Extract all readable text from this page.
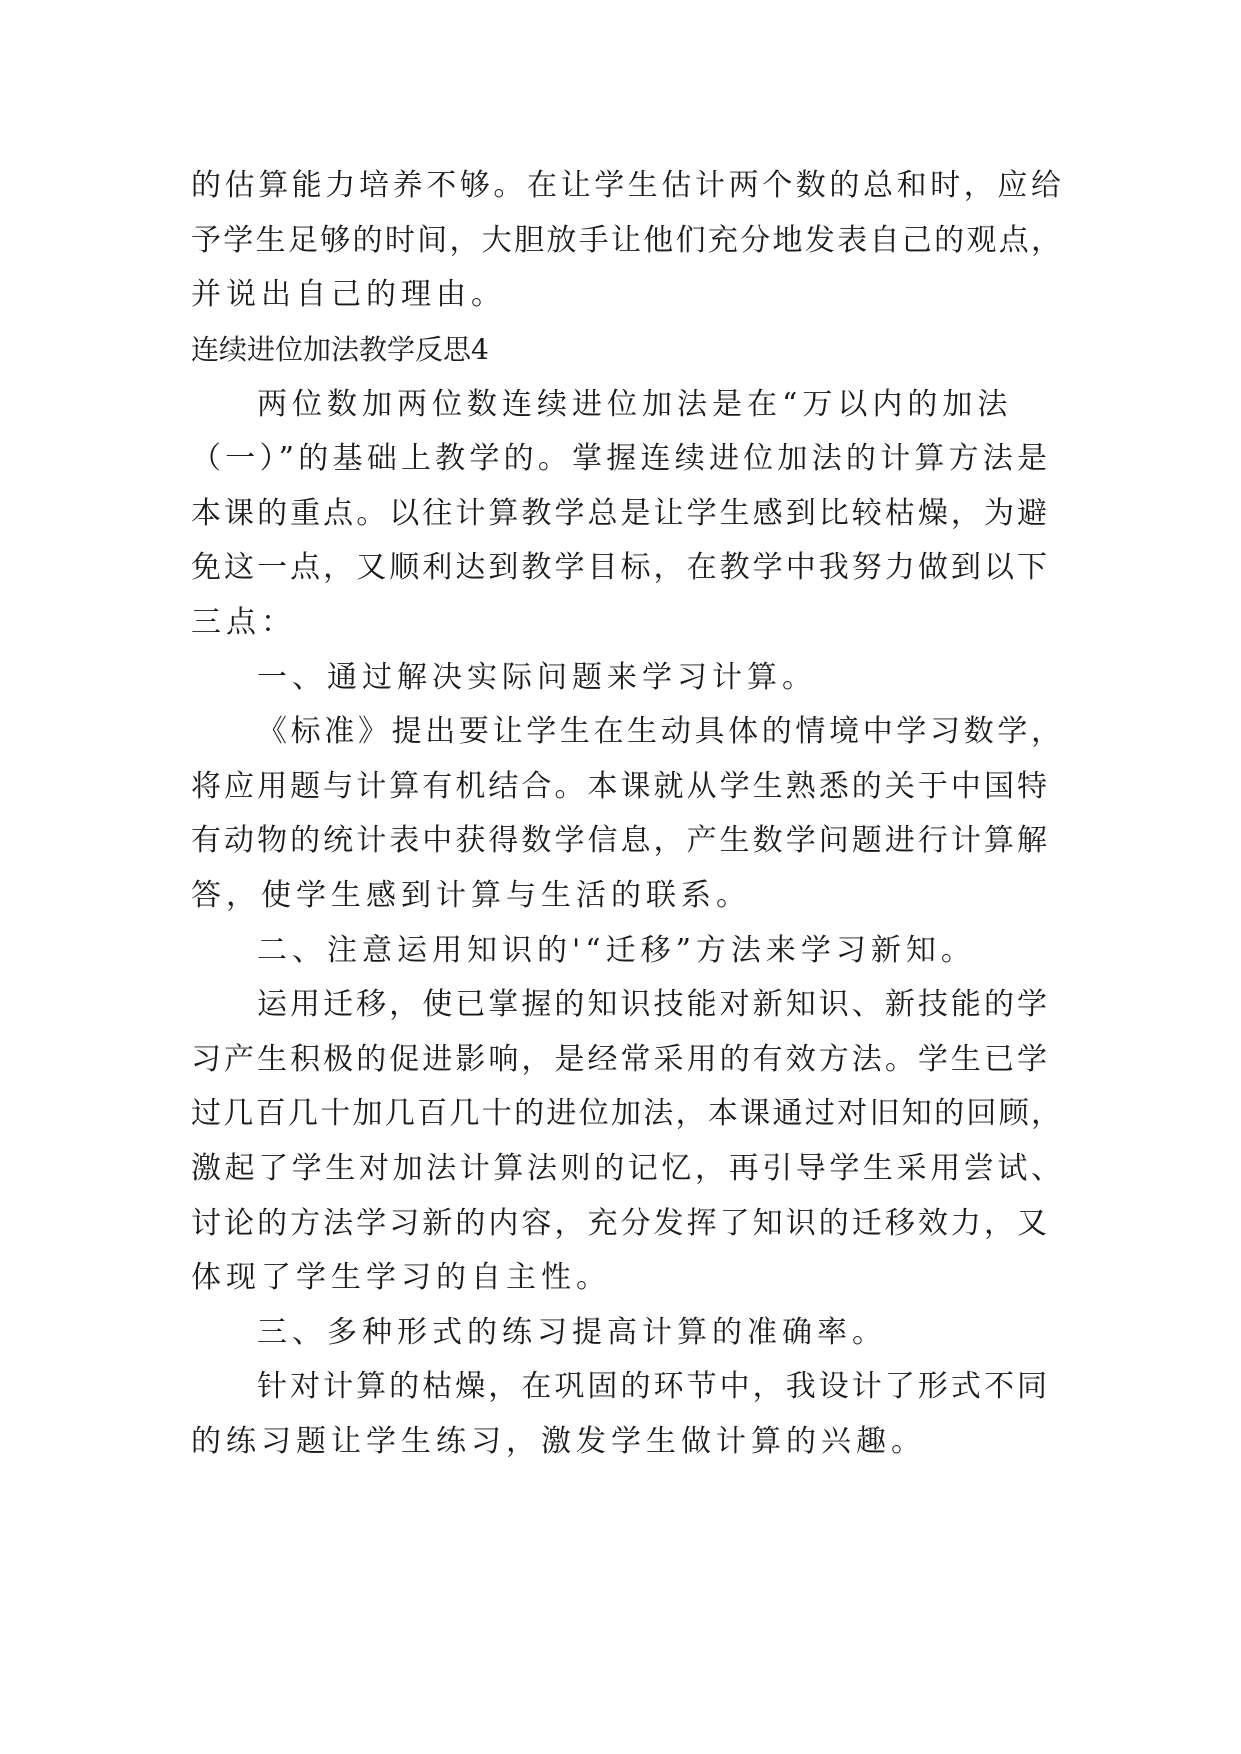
的估算能力培养不够。在让学生估计两个数的总和时，应给
予学生足够的时间，大胆放手让他们充分地发表自己的观点，
并说出自己的理由。
连续进位加法教学反思4
两位数加两位数连续进位加法是在“万以内的加法
（一）”的基础上教学的。掌握连续进位加法的计算方法是
本课的重点。以往计算教学总是让学生感到比较枯燥，为避
免这一点，又顺利达到教学目标，在教学中我努力做到以下
三点：
一、通过解决实际问题来学习计算。
《标准》提出要让学生在生动具体的情境中学习数学，
将应用题与计算有机结合。本课就从学生熟悉的关于中国特
有动物的统计表中获得数学信息，产生数学问题进行计算解
答，使学生感到计算与生活的联系。
二、注意运用知识的'“迁移”方法来学习新知。
运用迁移，使已掌握的知识技能对新知识、新技能的学
习产生积极的促进影响，是经常采用的有效方法。学生已学
过几百几十加几百几十的进位加法，本课通过对旧知的回顾，
激起了学生对加法计算法则的记忆，再引导学生采用尝试、
讨论的方法学习新的内容，充分发挥了知识的迁移效力，又
体现了学生学习的自主性。
三、多种形式的练习提高计算的准确率。
针对计算的枯燥，在巩固的环节中，我设计了形式不同
的练习题让学生练习，激发学生做计算的兴趣。
